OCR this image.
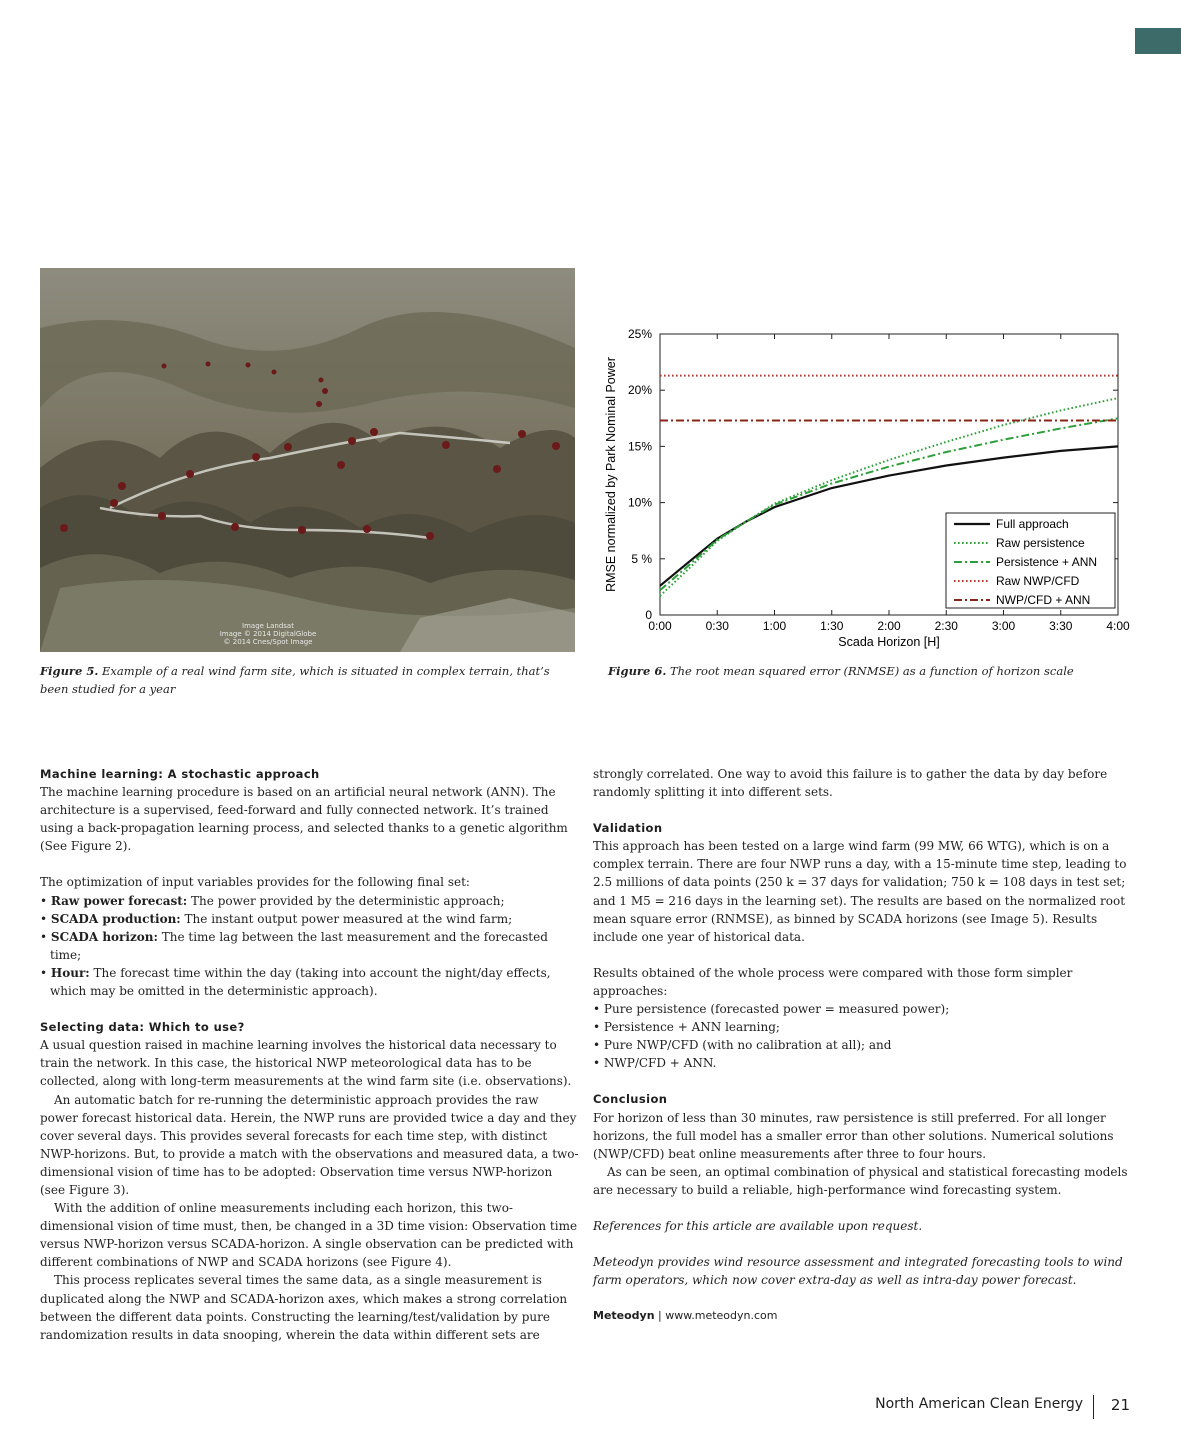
Image Landsat
Image © 2014 DigitalGlobe
© 2014 Cnes/Spot Image
0
5 %
10%
15%
20%
25%
0:00	0:30	1:00	1:30	2:00	2:30	3:00	3:30	4:00
Scada Horizon [H]
RMSE normalized by Park Nominal Power	Full approach
Raw persistence
Persistence + ANN
Raw NWP/CFD
NWP/CFD + ANN
Figure 5. Example of a real wind farm site, which is situated in complex terrain, that’s been studied for a year
Figure 6. The root mean squared error (RNMSE) as a function of horizon scale
Machine learning: A stochastic approach

The machine learning procedure is based on an artificial neural network (ANN). The architecture is a supervised, feed-forward and fully connected network. It’s trained using a back-propagation learning process, and selected thanks to a genetic algorithm (See Figure 2).

The optimization of input variables provides for the following final set:

• Raw power forecast: The power provided by the deterministic approach;
• SCADA production: The instant output power measured at the wind farm;
• SCADA horizon: The time lag between the last measurement and the forecasted time;
• Hour: The forecast time within the day (taking into account the night/day effects, which may be omitted in the deterministic approach).
Selecting data: Which to use?

A usual question raised in machine learning involves the historical data necessary to train the network. In this case, the historical NWP meteorological data has to be collected, along with long-term measurements at the wind farm site (i.e. observations).

An automatic batch for re-running the deterministic approach provides the raw power forecast historical data. Herein, the NWP runs are provided twice a day and they cover several days. This provides several forecasts for each time step, with distinct NWP-horizons. But, to provide a match with the observations and measured data, a two-dimensional vision of time has to be adopted: Observation time versus NWP-horizon (see Figure 3).

With the addition of online measurements including each horizon, this two-dimensional vision of time must, then, be changed in a 3D time vision: Observation time versus NWP-horizon versus SCADA-horizon. A single observation can be predicted with different combinations of NWP and SCADA horizons (see Figure 4).

This process replicates several times the same data, as a single measurement is duplicated along the NWP and SCADA-horizon axes, which makes a strong correlation between the different data points. Constructing the learning/test/validation by pure randomization results in data snooping, wherein the data within different sets are

strongly correlated. One way to avoid this failure is to gather the data by day before randomly splitting it into different sets.

Validation

This approach has been tested on a large wind farm (99 MW, 66 WTG), which is on a complex terrain. There are four NWP runs a day, with a 15-minute time step, leading to 2.5 millions of data points (250 k = 37 days for validation; 750 k = 108 days in test set; and 1 M5 = 216 days in the learning set). The results are based on the normalized root mean square error (RNMSE), as binned by SCADA horizons (see Image 5). Results include one year of historical data.

Results obtained of the whole process were compared with those form simpler approaches:

• Pure persistence (forecasted power = measured power);
• Persistence + ANN learning;
• Pure NWP/CFD (with no calibration at all); and
• NWP/CFD + ANN.
Conclusion

For horizon of less than 30 minutes, raw persistence is still preferred. For all longer horizons, the full model has a smaller error than other solutions. Numerical solutions (NWP/CFD) beat online measurements after three to four hours.

As can be seen, an optimal combination of physical and statistical forecasting models are necessary to build a reliable, high-performance wind forecasting system.

References for this article are available upon request.

Meteodyn provides wind resource assessment and integrated forecasting tools to wind farm operators, which now cover extra-day as well as intra-day power forecast.

Meteodyn | www.meteodyn.com

North American Clean Energy 21
